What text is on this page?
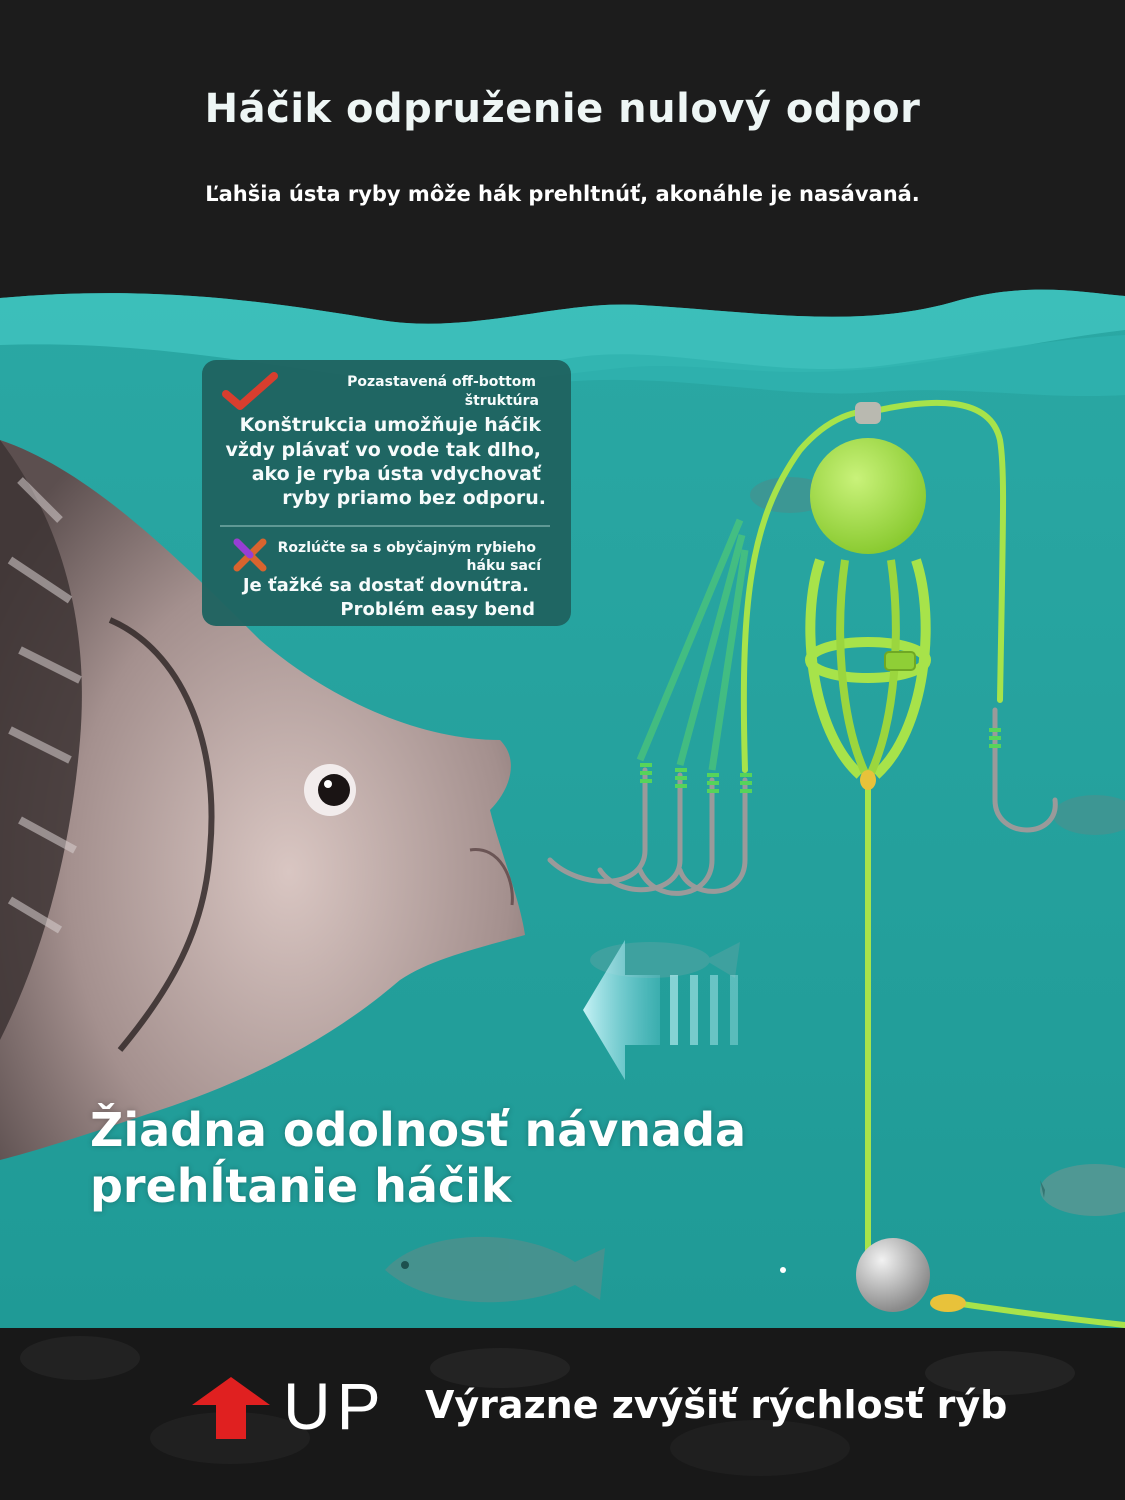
Háčik odpruženie nulový odpor
Ľahšia ústa ryby môže hák prehltnúť, akonáhle je nasávaná.
Pozastavená off-bottom
štruktúra
Konštrukcia umožňuje háčik
vždy plávať vo vode tak dlho,
ako je ryba ústa vdychovať
ryby priamo bez odporu.
Rozlúčte sa s obyčajným rybieho
háku sací
Je ťažké sa dostať dovnútra.
Problém easy bend
Žiadna odolnosť návnada
prehĺtanie háčik
UP Výrazne zvýšiť rýchlosť rýb
